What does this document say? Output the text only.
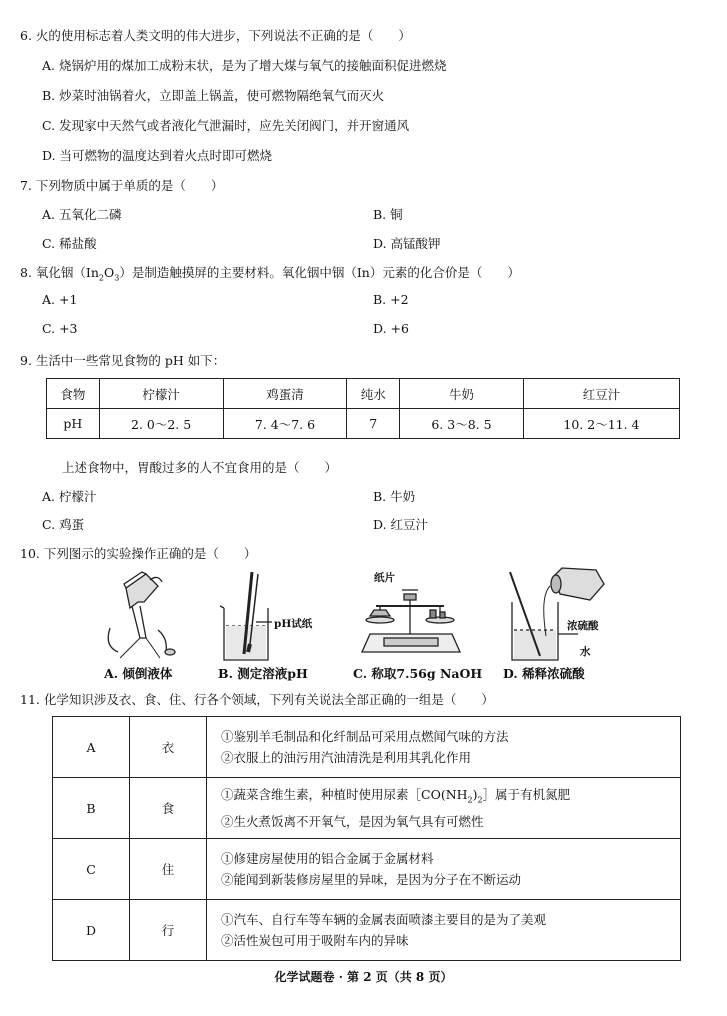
6. 火的使用标志着人类文明的伟大进步，下列说法不正确的是（　　）
A. 烧锅炉用的煤加工成粉末状，是为了增大煤与氧气的接触面积促进燃烧
B. 炒菜时油锅着火，立即盖上锅盖，使可燃物隔绝氧气而灭火
C. 发现家中天然气或者液化气泄漏时，应先关闭阀门，并开窗通风
D. 当可燃物的温度达到着火点时即可燃烧
7. 下列物质中属于单质的是（　　）
A. 五氧化二磷	B. 铜
C. 稀盐酸	D. 高锰酸钾
8. 氧化铟$(In_2O_3)$是制造触摸屏的主要材料。氧化铟中铟（In）元素的化合价是（　　）
A. +1	B. +2
C. +3	D. +6
9. 生活中一些常见食物的 pH 如下：
食物	柠檬汁	鸡蛋清	纯水	牛奶	红豆汁
pH	2. 0～2. 5	7. 4～7. 6	7	6. 3～8. 5	10. 2～11. 4
上述食物中，胃酸过多的人不宜食用的是（　　）
A. 柠檬汁	B. 牛奶
C. 鸡蛋	D. 红豆汁
10. 下列图示的实验操作正确的是（　　）
pH试纸
纸片
浓硫酸
水
A. 倾倒液体	B. 测定溶液pH	C. 称取7.56g NaOH D. 稀释浓硫酸
11. 化学知识涉及衣、食、住、行各个领域，下列有关说法全部正确的一组是（　　）
A	衣	①鉴别羊毛制品和化纤制品可采用点燃闻气味的方法
②衣服上的油污用汽油清洗是利用其乳化作用

B	食	①蔬菜含维生素，种植时使用尿素$[CO(NH_2)_2]$属于有机氮肥
②生火煮饭离不开氧气，是因为氧气具有可燃性

C	住	①修建房屋使用的铝合金属于金属材料
②能闻到新装修房屋里的异味，是因为分子在不断运动

D	行	①汽车、自行车等车辆的金属表面喷漆主要目的是为了美观
②活性炭包可用于吸附车内的异味
化学试题卷 · 第 2 页（共 8 页）
